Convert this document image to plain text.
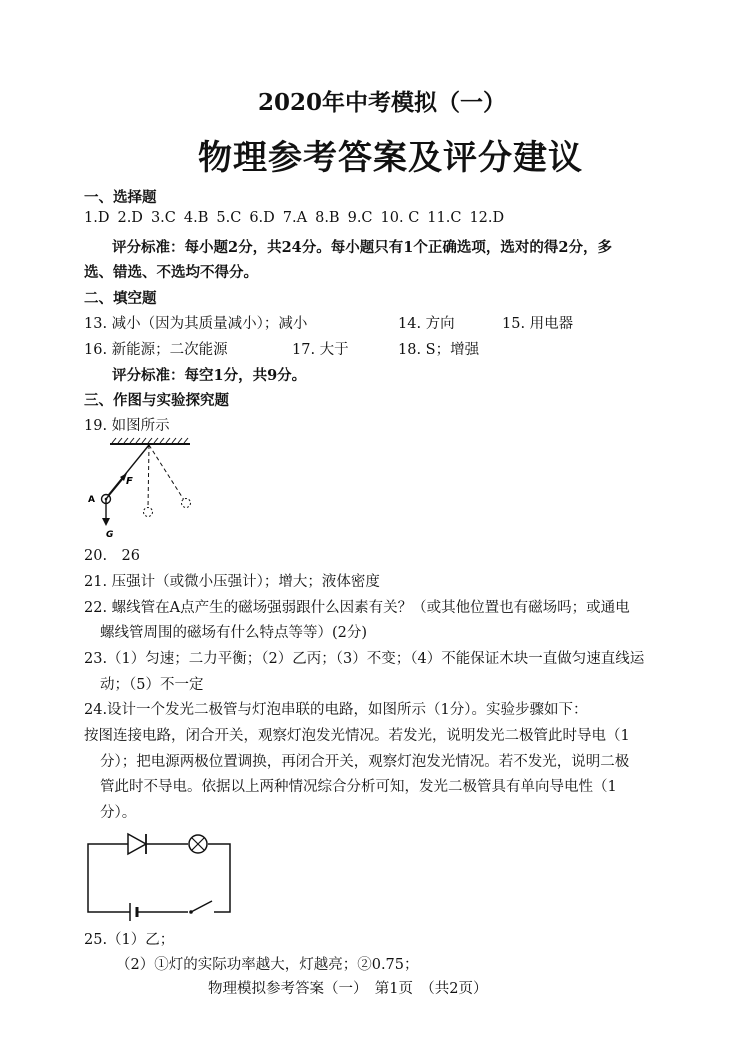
2020年中考模拟（一）
物理参考答案及评分建议
一、选择题
1.D 2.D 3.C 4.B 5.C 6.D 7.A 8.B 9.C 10. C 11.C 12.D
评分标准：每小题2分，共24分。每小题只有1个正确选项，选对的得2分，多
选、错选、不选均不得分。
二、填空题
13. 减小（因为其质量减小）；减小	14. 方向	15. 用电器
16. 新能源；二次能源	17. 大于	18. S；增强
评分标准：每空1分，共9分。
三、作图与实验探究题
19. 如图所示
F
A
G
20.　26
21. 压强计（或微小压强计）；增大；液体密度
22. 螺线管在A点产生的磁场强弱跟什么因素有关？（或其他位置也有磁场吗；或通电
螺线管周围的磁场有什么特点等等）(2分)
23.（1）匀速；二力平衡；（2）乙丙；（3）不变；（4）不能保证木块一直做匀速直线运
动；（5）不一定
24.设计一个发光二极管与灯泡串联的电路，如图所示（1分）。实验步骤如下：
按图连接电路，闭合开关，观察灯泡发光情况。若发光，说明发光二极管此时导电（1
分）；把电源两极位置调换，再闭合开关，观察灯泡发光情况。若不发光，说明二极
管此时不导电。依据以上两种情况综合分析可知，发光二极管具有单向导电性（1
分）。
25.（1）乙；
（2）①灯的实际功率越大，灯越亮；②0.75；
物理模拟参考答案（一）　第1页　（共2页）
